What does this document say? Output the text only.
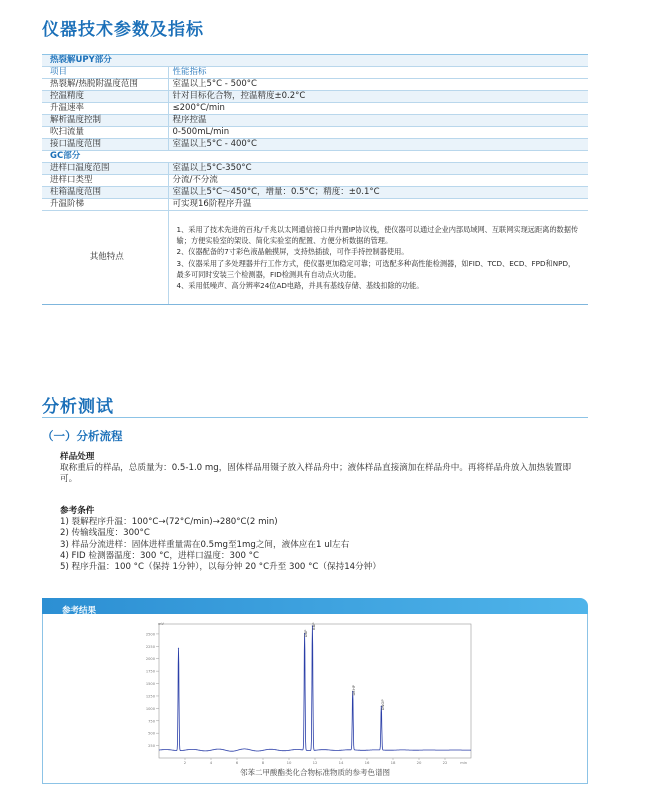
仪器技术参数及指标
热裂解UPY部分	
项目	性能指标
热裂解/热脱附温度范围	室温以上5°C - 500°C
控温精度	针对目标化合物，控温精度±0.2°C
升温速率	≤200°C/min
解析温度控制	程序控温
吹扫流量	0-500mL/min
接口温度范围	室温以上5°C - 400°C
GC部分	
进样口温度范围	室温以上5°C-350°C
进样口类型	分流/不分流
柱箱温度范围	室温以上5°C～450°C，增量：0.5°C；精度：±0.1°C
升温阶梯	可实现16阶程序升温
其他特点	1、采用了技术先进的百兆/千兆以太网通信接口并内置IP协议栈，使仪器可以通过企业内部局域网、互联网实现远距离的数据传输；方便实验室的架设、简化实验室的配置、方便分析数据的管理。

2、仪器配备的7寸彩色液晶触摸屏，支持热插拔，可作手持控制器使用。

3、仪器采用了多处理器并行工作方式，使仪器更加稳定可靠；可选配多种高性能检测器，如FID、TCD、ECD、FPD和NPD，最多可同时安装三个检测器，FID检测具有自动点火功能。

4、采用低噪声、高分辨率24位AD电路，并具有基线存储、基线扣除的功能。

分析测试
（一）分析流程
样品处理
取称重后的样品，总质量为：0.5-1.0 mg，固体样品用镊子放入样品舟中；液体样品直接滴加在样品舟中。再将样品舟放入加热装置即可。
参考条件
1) 裂解程序升温：100°C→(72°C/min)→280°C(2 min)
2) 传输线温度：300°C
3) 样品分流进样：固体进样重量需在0.5mg至1mg之间，液体应在1 ul左右
4) FID 检测器温度：300 °C，进样口温度：300 °C
5) 程序升温：100 °C（保持 1分钟），以每分钟 20 °C升至 300 °C（保持14分钟）
参考结果
250
500
750
1000
1250
1500
1750
2000
2250
2500
2	4	6	8	10	12	14	16	18	20	22	min
mV
DBP
BBP
DEHP
DNOP
邻苯二甲酸酯类化合物标准物质的参考色谱图
